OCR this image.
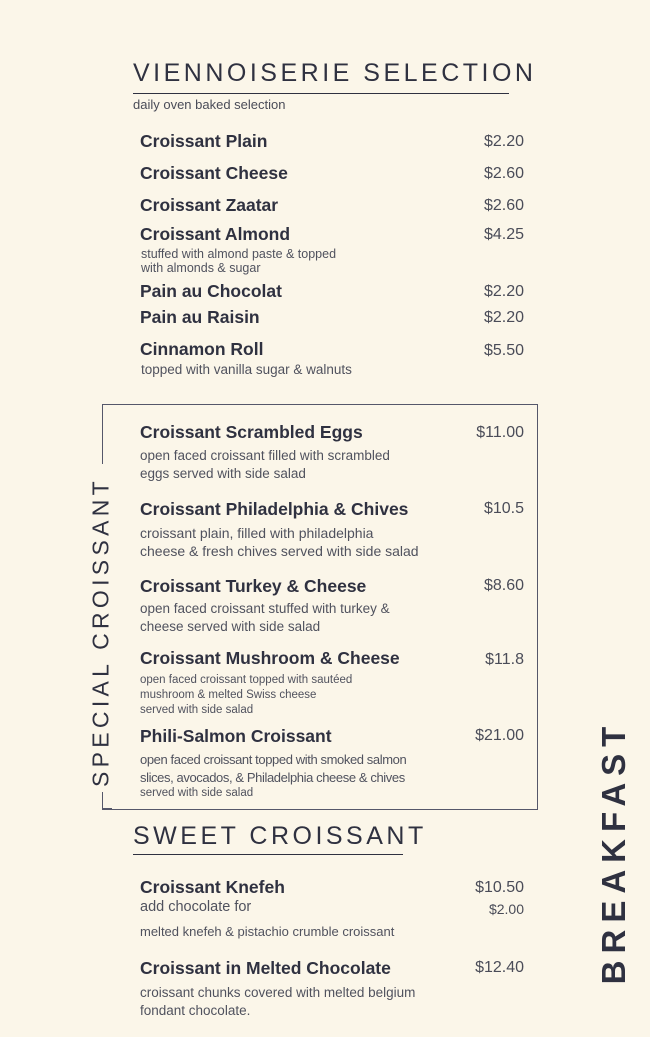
VIENNOISERIE SELECTION
daily oven baked selection
Croissant Plain	$2.20
Croissant Cheese	$2.60
Croissant Zaatar	$2.60
Croissant Almond	$4.25
stuffed with almond paste & topped
with almonds & sugar
Pain au Chocolat	$2.20
Pain au Raisin	$2.20
Cinnamon Roll	$5.50
topped with vanilla sugar & walnuts
SPECIAL CROISSANT
Croissant Scrambled Eggs	$11.00
open faced croissant filled with scrambled
eggs served with side salad
Croissant Philadelphia & Chives	$10.5
croissant plain, filled with philadelphia
cheese & fresh chives served with side salad
Croissant Turkey & Cheese	$8.60
open faced croissant stuffed with turkey &
cheese served with side salad
Croissant Mushroom & Cheese	$11.8
open faced croissant topped with sautéed
mushroom & melted Swiss cheese
served with side salad
Phili-Salmon Croissant	$21.00
open faced croissant topped with smoked salmon
slices, avocados, & Philadelphia cheese & chives
served with side salad
SWEET CROISSANT
Croissant Knefeh	$10.50
add chocolate for	$2.00
melted knefeh & pistachio crumble croissant
Croissant in Melted Chocolate	$12.40
croissant chunks covered with melted belgium
fondant chocolate.
BREAKFAST
